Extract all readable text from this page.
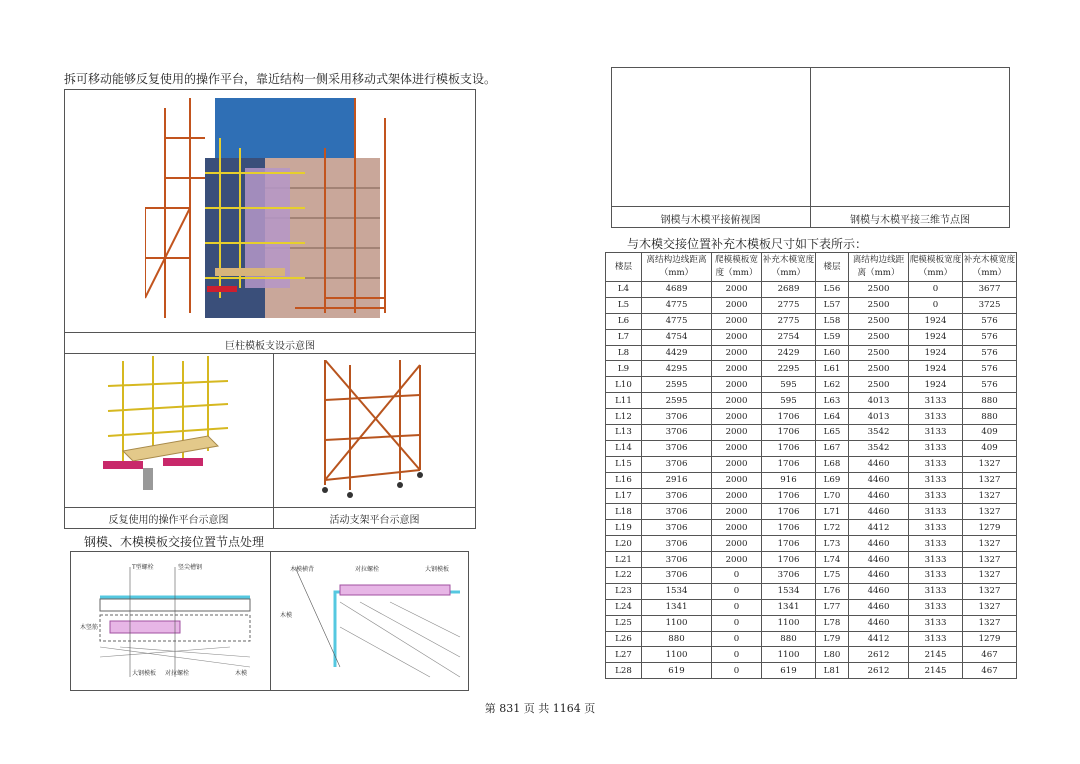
拆可移动能够反复使用的操作平台，靠近结构一侧采用移动式架体进行模板支设。
巨柱模板支设示意图
反复使用的操作平台示意图	活动支架平台示意图
钢模、木模模板交接位置节点处理
T型螺栓	竖尖槽钢
木竖筋
大钢模板 对拉螺栓	木模
木模横背	对拉螺栓	大钢模板
木模
钢模与木模平接俯视图	钢模与木模平接三维节点图
与木模交接位置补充木模板尺寸如下表所示：
楼层	离结构边线距离（mm）	爬模模板宽度（mm）	补充木模宽度（mm）	楼层	离结构边线距离（mm）	爬模模板宽度（mm）	补充木模宽度（mm）
L4	4689	2000	2689	L56	2500	0	3677
L5	4775	2000	2775	L57	2500	0	3725
L6	4775	2000	2775	L58	2500	1924	576
L7	4754	2000	2754	L59	2500	1924	576
L8	4429	2000	2429	L60	2500	1924	576
L9	4295	2000	2295	L61	2500	1924	576
L10	2595	2000	595	L62	2500	1924	576
L11	2595	2000	595	L63	4013	3133	880
L12	3706	2000	1706	L64	4013	3133	880
L13	3706	2000	1706	L65	3542	3133	409
L14	3706	2000	1706	L67	3542	3133	409
L15	3706	2000	1706	L68	4460	3133	1327
L16	2916	2000	916	L69	4460	3133	1327
L17	3706	2000	1706	L70	4460	3133	1327
L18	3706	2000	1706	L71	4460	3133	1327
L19	3706	2000	1706	L72	4412	3133	1279
L20	3706	2000	1706	L73	4460	3133	1327
L21	3706	2000	1706	L74	4460	3133	1327
L22	3706	0	3706	L75	4460	3133	1327
L23	1534	0	1534	L76	4460	3133	1327
L24	1341	0	1341	L77	4460	3133	1327
L25	1100	0	1100	L78	4460	3133	1327
L26	880	0	880	L79	4412	3133	1279
L27	1100	0	1100	L80	2612	2145	467
L28	619	0	619	L81	2612	2145	467
第 831 页 共 1164 页
